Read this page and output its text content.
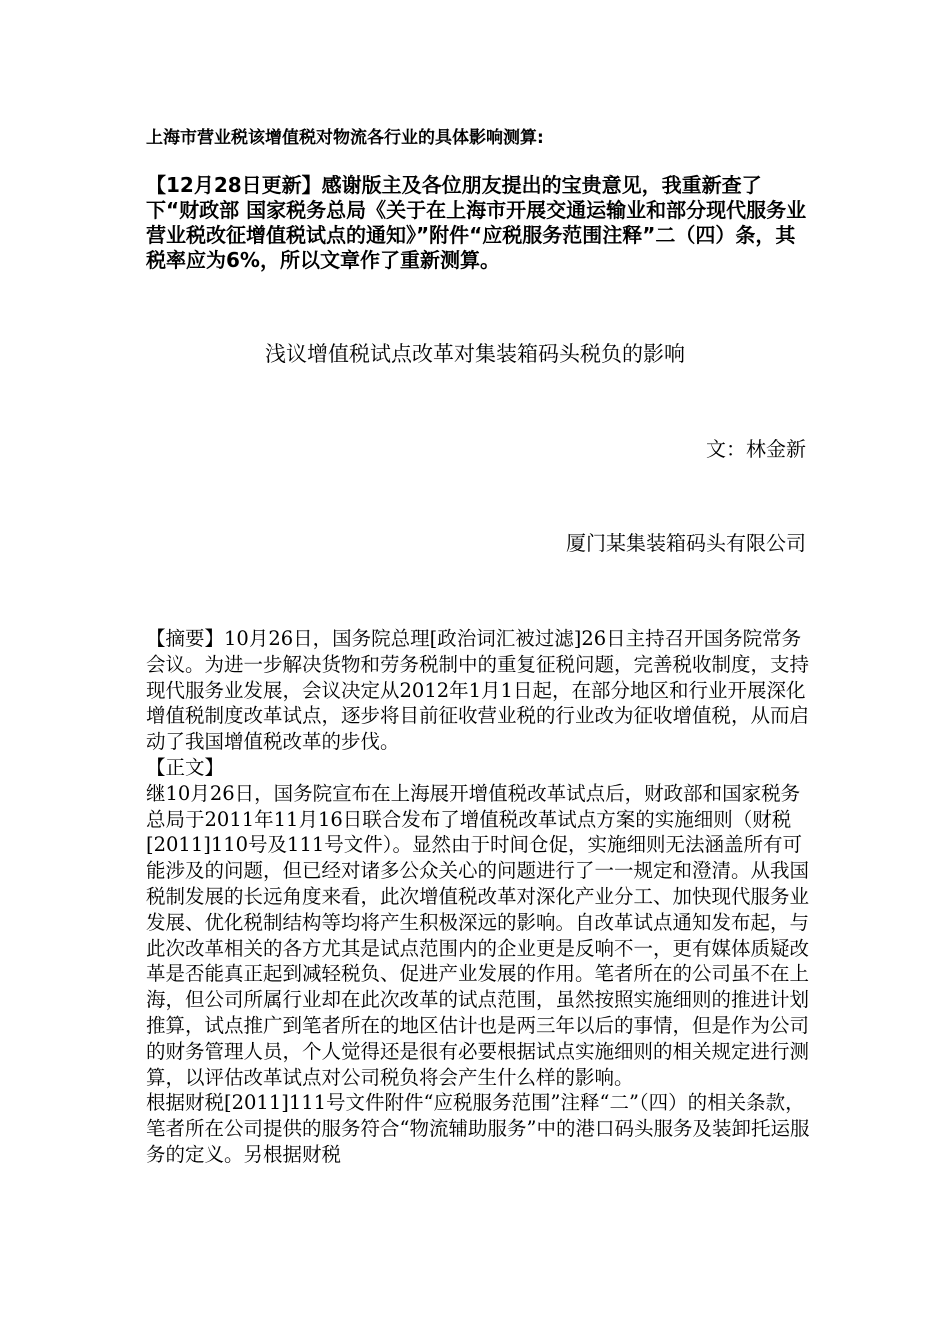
上海市营业税该增值税对物流各行业的具体影响测算:
【12月28日更新】感谢版主及各位朋友提出的宝贵意见，我重新查了下“财政部 国家税务总局《关于在上海市开展交通运输业和部分现代服务业营业税改征增值税试点的通知》”附件“应税服务范围注释”二（四）条，其税率应为6%，所以文章作了重新测算。
浅议增值税试点改革对集装箱码头税负的影响
文：林金新
厦门某集装箱码头有限公司

【摘要】10月26日，国务院总理[政治词汇被过滤]26日主持召开国务院常务会议。为进一步解决货物和劳务税制中的重复征税问题，完善税收制度，支持现代服务业发展，会议决定从2012年1月1日起，在部分地区和行业开展深化增值税制度改革试点，逐步将目前征收营业税的行业改为征收增值税，从而启动了我国增值税改革的步伐。

【正文】

继10月26日，国务院宣布在上海展开增值税改革试点后，财政部和国家税务总局于2011年11月16日联合发布了增值税改革试点方案的实施细则（财税[2011]110号及111号文件）。显然由于时间仓促，实施细则无法涵盖所有可能涉及的问题，但已经对诸多公众关心的问题进行了一一规定和澄清。从我国税制发展的长远角度来看，此次增值税改革对深化产业分工、加快现代服务业发展、优化税制结构等均将产生积极深远的影响。自改革试点通知发布起，与此次改革相关的各方尤其是试点范围内的企业更是反响不一，更有媒体质疑改革是否能真正起到减轻税负、促进产业发展的作用。笔者所在的公司虽不在上海，但公司所属行业却在此次改革的试点范围，虽然按照实施细则的推进计划推算，试点推广到笔者所在的地区估计也是两三年以后的事情，但是作为公司的财务管理人员，个人觉得还是很有必要根据试点实施细则的相关规定进行测算，以评估改革试点对公司税负将会产生什么样的影响。

根据财税[2011]111号文件附件“应税服务范围”注释“二”（四）的相关条款，笔者所在公司提供的服务符合“物流辅助服务”中的港口码头服务及装卸托运服务的定义。另根据财税
